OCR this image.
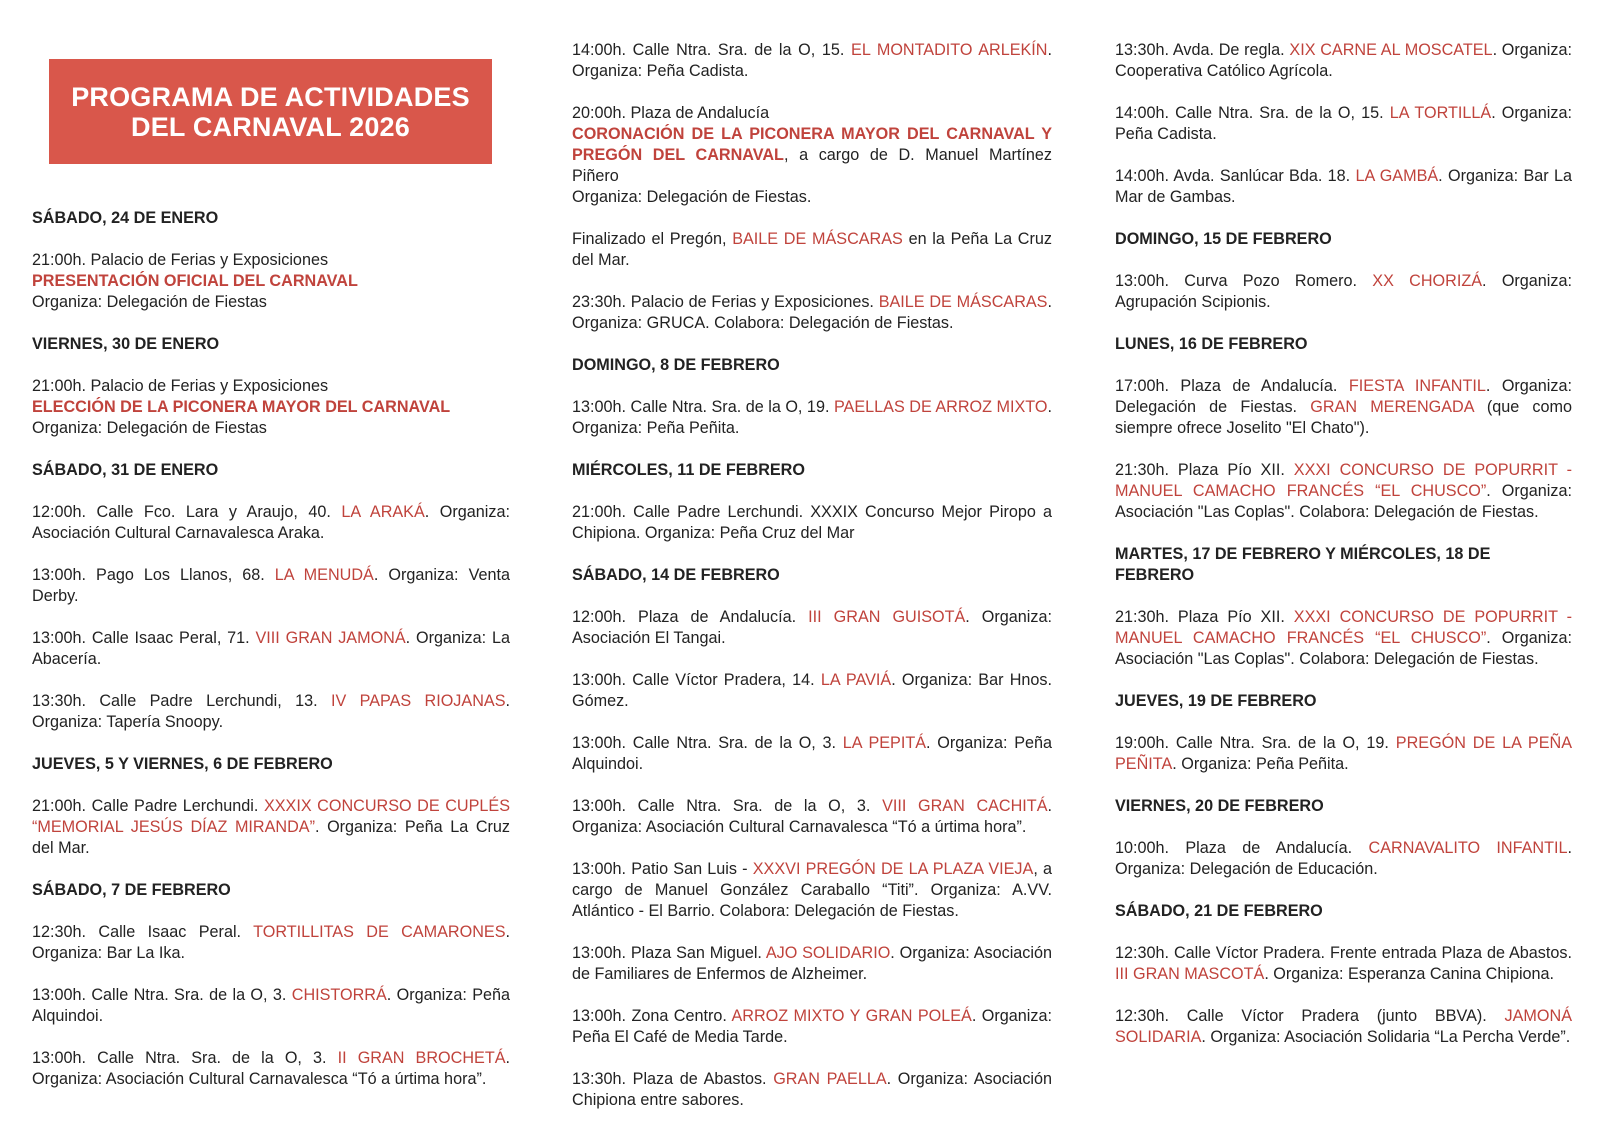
PROGRAMA DE ACTIVIDADES
DEL CARNAVAL 2026
SÁBADO, 24 DE ENERO
21:00h. Palacio de Ferias y Exposiciones
PRESENTACIÓN OFICIAL DEL CARNAVAL
Organiza: Delegación de Fiestas
VIERNES, 30 DE ENERO
21:00h. Palacio de Ferias y Exposiciones
ELECCIÓN DE LA PICONERA MAYOR DEL CARNAVAL
Organiza: Delegación de Fiestas
SÁBADO, 31 DE ENERO
12:00h. Calle Fco. Lara y Araujo, 40. LA ARAKÁ. Organiza: Asociación Cultural Carnavalesca Araka.
13:00h. Pago Los Llanos, 68. LA MENUDÁ. Organiza: Venta Derby.
13:00h. Calle Isaac Peral, 71. VIII GRAN JAMONÁ. Organiza: La Abacería.
13:30h. Calle Padre Lerchundi, 13. IV PAPAS RIOJANAS. Organiza: Tapería Snoopy.
JUEVES, 5 Y VIERNES, 6 DE FEBRERO
21:00h. Calle Padre Lerchundi. XXXIX CONCURSO DE CUPLÉS “MEMORIAL JESÚS DÍAZ MIRANDA”. Organiza: Peña La Cruz del Mar.
SÁBADO, 7 DE FEBRERO
12:30h. Calle Isaac Peral. TORTILLITAS DE CAMARONES. Organiza: Bar La Ika.
13:00h. Calle Ntra. Sra. de la O, 3. CHISTORRÁ. Organiza: Peña Alquindoi.
13:00h. Calle Ntra. Sra. de la O, 3. II GRAN BROCHETÁ. Organiza: Asociación Cultural Carnavalesca “Tó a úrtima hora”.
14:00h. Calle Ntra. Sra. de la O, 15. EL MONTADITO ARLEKÍN. Organiza: Peña Cadista.
20:00h. Plaza de Andalucía
CORONACIÓN DE LA PICONERA MAYOR DEL CARNAVAL Y PREGÓN DEL CARNAVAL, a cargo de D. Manuel Martínez Piñero
Organiza: Delegación de Fiestas.
Finalizado el Pregón, BAILE DE MÁSCARAS en la Peña La Cruz del Mar.
23:30h. Palacio de Ferias y Exposiciones. BAILE DE MÁSCARAS. Organiza: GRUCA. Colabora: Delegación de Fiestas.
DOMINGO, 8 DE FEBRERO
13:00h. Calle Ntra. Sra. de la O, 19. PAELLAS DE ARROZ MIXTO. Organiza: Peña Peñita.
MIÉRCOLES, 11 DE FEBRERO
21:00h. Calle Padre Lerchundi. XXXIX Concurso Mejor Piropo a Chipiona. Organiza: Peña Cruz del Mar
SÁBADO, 14 DE FEBRERO
12:00h. Plaza de Andalucía. III GRAN GUISOTÁ. Organiza: Asociación El Tangai.
13:00h. Calle Víctor Pradera, 14. LA PAVIÁ. Organiza: Bar Hnos. Gómez.
13:00h. Calle Ntra. Sra. de la O, 3. LA PEPITÁ. Organiza: Peña Alquindoi.
13:00h. Calle Ntra. Sra. de la O, 3. VIII GRAN CACHITÁ. Organiza: Asociación Cultural Carnavalesca “Tó a úrtima hora”.
13:00h. Patio San Luis - XXXVI PREGÓN DE LA PLAZA VIEJA, a cargo de Manuel González Caraballo “Titi”. Organiza: A.VV. Atlántico - El Barrio. Colabora: Delegación de Fiestas.
13:00h. Plaza San Miguel. AJO SOLIDARIO. Organiza: Asociación de Familiares de Enfermos de Alzheimer.
13:00h. Zona Centro. ARROZ MIXTO Y GRAN POLEÁ. Organiza: Peña El Café de Media Tarde.
13:30h. Plaza de Abastos. GRAN PAELLA. Organiza: Asociación Chipiona entre sabores.
13:30h. Avda. De regla. XIX CARNE AL MOSCATEL. Organiza: Cooperativa Católico Agrícola.
14:00h. Calle Ntra. Sra. de la O, 15. LA TORTILLÁ. Organiza: Peña Cadista.
14:00h. Avda. Sanlúcar Bda. 18. LA GAMBÁ. Organiza: Bar La Mar de Gambas.
DOMINGO, 15 DE FEBRERO
13:00h. Curva Pozo Romero. XX CHORIZÁ. Organiza: Agrupación Scipionis.
LUNES, 16 DE FEBRERO
17:00h. Plaza de Andalucía. FIESTA INFANTIL. Organiza: Delegación de Fiestas. GRAN MERENGADA (que como siempre ofrece Joselito "El Chato").
21:30h. Plaza Pío XII. XXXI CONCURSO DE POPURRIT - MANUEL CAMACHO FRANCÉS “EL CHUSCO”. Organiza: Asociación "Las Coplas". Colabora: Delegación de Fiestas.
MARTES, 17 DE FEBRERO Y MIÉRCOLES, 18 DE FEBRERO
21:30h. Plaza Pío XII. XXXI CONCURSO DE POPURRIT - MANUEL CAMACHO FRANCÉS “EL CHUSCO”. Organiza: Asociación "Las Coplas". Colabora: Delegación de Fiestas.
JUEVES, 19 DE FEBRERO
19:00h. Calle Ntra. Sra. de la O, 19. PREGÓN DE LA PEÑA PEÑITA. Organiza: Peña Peñita.
VIERNES, 20 DE FEBRERO
10:00h. Plaza de Andalucía. CARNAVALITO INFANTIL. Organiza: Delegación de Educación.
SÁBADO, 21 DE FEBRERO
12:30h. Calle Víctor Pradera. Frente entrada Plaza de Abastos. III GRAN MASCOTÁ. Organiza: Esperanza Canina Chipiona.
12:30h. Calle Víctor Pradera (junto BBVA). JAMONÁ SOLIDARIA. Organiza: Asociación Solidaria “La Percha Verde”.
